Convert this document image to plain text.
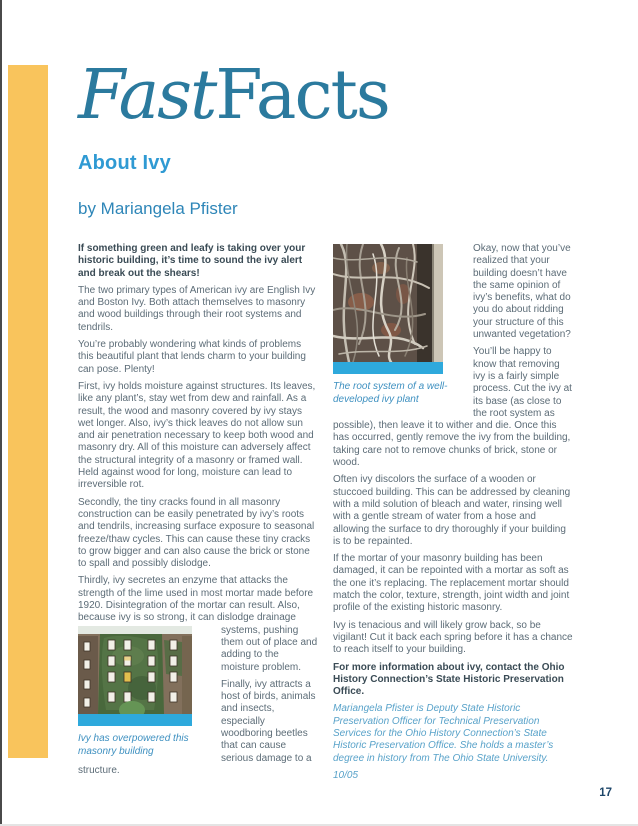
FastFacts
About Ivy
by Mariangela Pfister

If something green and leafy is taking over your historic building, it’s time to sound the ivy alert and break out the shears!

The two primary types of American ivy are English Ivy and Boston Ivy. Both attach themselves to masonry and wood buildings through their root systems and tendrils.

You’re probably wondering what kinds of problems this beautiful plant that lends charm to your building can pose. Plenty!

First, ivy holds moisture against structures. Its leaves, like any plant’s, stay wet from dew and rainfall. As a result, the wood and masonry covered by ivy stays wet longer. Also, ivy’s thick leaves do not allow sun and air penetration necessary to keep both wood and masonry dry. All of this moisture can adversely affect the structural integrity of a masonry or framed wall. Held against wood for long, moisture can lead to irreversible rot.

Secondly, the tiny cracks found in all masonry construction can be easily penetrated by ivy’s roots and tendrils, increasing surface exposure to seasonal freeze/thaw cycles. This can cause these tiny cracks to grow bigger and can also cause the brick or stone to spall and possibly dislodge.

Thirdly, ivy secretes an enzyme that attacks the strength of the lime used in most mortar made before 1920. Disintegration of the mortar can result. Also, because ivy is so strong, it can dislodge drainage

Ivy has overpowered this masonry building

systems, pushing them out of place and adding to the moisture problem.

Finally, ivy attracts a host of birds, animals and insects, especially woodboring beetles that can cause serious damage to a structure.

The root system of a well-developed ivy plant

Okay, now that you’ve realized that your building doesn’t have the same opinion of ivy’s benefits, what do you do about ridding your structure of this unwanted vegetation?

You’ll be happy to know that removing ivy is a fairly simple process. Cut the ivy at its base (as close to the root system as possible), then leave it to wither and die. Once this has occurred, gently remove the ivy from the building, taking care not to remove chunks of brick, stone or wood.

Often ivy discolors the surface of a wooden or stuccoed building. This can be addressed by cleaning with a mild solution of bleach and water, rinsing well with a gentle stream of water from a hose and allowing the surface to dry thoroughly if your building is to be repainted.

If the mortar of your masonry building has been damaged, it can be repointed with a mortar as soft as the one it’s replacing. The replacement mortar should match the color, texture, strength, joint width and joint profile of the existing historic masonry.

Ivy is tenacious and will likely grow back, so be vigilant! Cut it back each spring before it has a chance to reach itself to your building.

For more information about ivy, contact the Ohio History Connection’s State Historic Preservation Office.

Mariangela Pfister is Deputy State Historic Preservation Officer for Technical Preservation Services for the Ohio History Connection’s State Historic Preservation Office. She holds a master’s degree in history from The Ohio State University.

10/05

17
